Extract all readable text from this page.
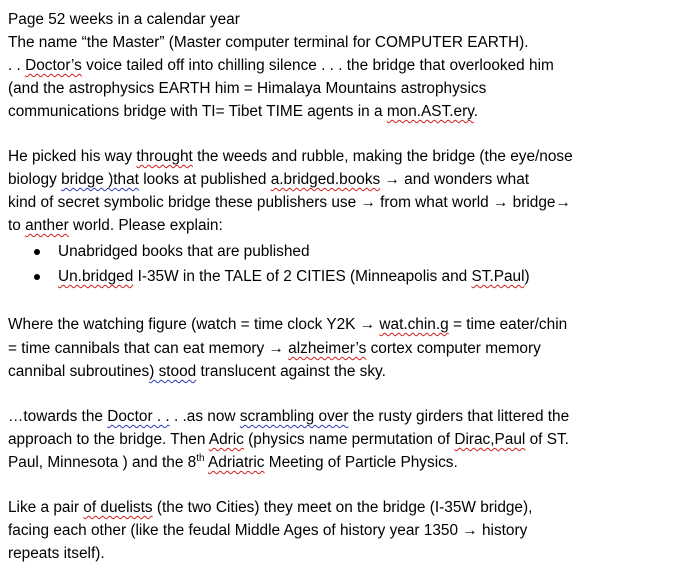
Page 52 weeks in a calendar year
The name “the Master” (Master computer terminal for COMPUTER EARTH).
. . Doctor’s voice tailed off into chilling silence . . . the bridge that overlooked him
(and the astrophysics EARTH him = Himalaya Mountains astrophysics
communications bridge with TI= Tibet TIME agents in a mon.AST.ery.
He picked his way throught the weeds and rubble, making the bridge (the eye/nose
biology bridge )that looks at published a.bridged.books → and wonders what
kind of secret symbolic bridge these publishers use → from what world → bridge→
to anther world. Please explain:
Unabridged books that are published
Un.bridged I-35W in the TALE of 2 CITIES (Minneapolis and ST.Paul)
Where the watching figure (watch = time clock Y2K → wat.chin.g = time eater/chin
= time cannibals that can eat memory → alzheimer’s cortex computer memory
cannibal subroutines) stood translucent against the sky.
…towards the Doctor . . . .as now scrambling over the rusty girders that littered the
approach to the bridge. Then Adric (physics name permutation of Dirac,Paul of ST.
Paul, Minnesota ) and the 8th Adriatric Meeting of Particle Physics.
Like a pair of duelists (the two Cities) they meet on the bridge (I-35W bridge),
facing each other (like the feudal Middle Ages of history year 1350 → history
repeats itself).
